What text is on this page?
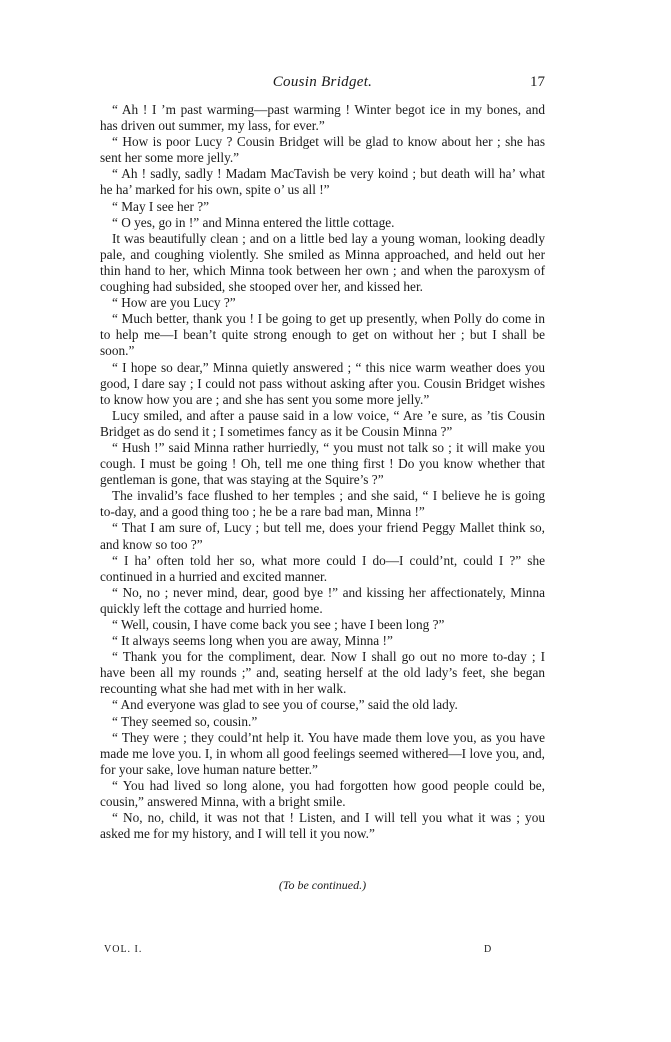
Cousin Bridget.	17

“ Ah ! I ’m past warming—past warming ! Winter begot ice in my bones, and has driven out summer, my lass, for ever.”

“ How is poor Lucy ? Cousin Bridget will be glad to know about her ; she has sent her some more jelly.”

“ Ah ! sadly, sadly ! Madam MacTavish be very koind ; but death will ha’ what he ha’ marked for his own, spite o’ us all !”

“ May I see her ?”

“ O yes, go in !” and Minna entered the little cottage.

It was beautifully clean ; and on a little bed lay a young woman, looking deadly pale, and coughing violently. She smiled as Minna approached, and held out her thin hand to her, which Minna took between her own ; and when the paroxysm of coughing had subsided, she stooped over her, and kissed her.

“ How are you Lucy ?”

“ Much better, thank you ! I be going to get up presently, when Polly do come in to help me—I bean’t quite strong enough to get on without her ; but I shall be soon.”

“ I hope so dear,” Minna quietly answered ; “ this nice warm weather does you good, I dare say ; I could not pass without asking after you. Cousin Bridget wishes to know how you are ; and she has sent you some more jelly.”

Lucy smiled, and after a pause said in a low voice, “ Are ’e sure, as ’tis Cousin Bridget as do send it ; I sometimes fancy as it be Cousin Minna ?”

“ Hush !” said Minna rather hurriedly, “ you must not talk so ; it will make you cough. I must be going ! Oh, tell me one thing first ! Do you know whether that gentleman is gone, that was staying at the Squire’s ?”

The invalid’s face flushed to her temples ; and she said, “ I believe he is going to-day, and a good thing too ; he be a rare bad man, Minna !”

“ That I am sure of, Lucy ; but tell me, does your friend Peggy Mallet think so, and know so too ?”

“ I ha’ often told her so, what more could I do—I could’nt, could I ?” she continued in a hurried and excited manner.

“ No, no ; never mind, dear, good bye !” and kissing her affectionately, Minna quickly left the cottage and hurried home.

“ Well, cousin, I have come back you see ; have I been long ?”

“ It always seems long when you are away, Minna !”

“ Thank you for the compliment, dear. Now I shall go out no more to-day ; I have been all my rounds ;” and, seating herself at the old lady’s feet, she began recounting what she had met with in her walk.

“ And everyone was glad to see you of course,” said the old lady.

“ They seemed so, cousin.”

“ They were ; they could’nt help it. You have made them love you, as you have made me love you. I, in whom all good feelings seemed withered—I love you, and, for your sake, love human nature better.”

“ You had lived so long alone, you had forgotten how good people could be, cousin,” answered Minna, with a bright smile.

“ No, no, child, it was not that ! Listen, and I will tell you what it was ; you asked me for my history, and I will tell it you now.”

(To be continued.)
VOL. I.	D
